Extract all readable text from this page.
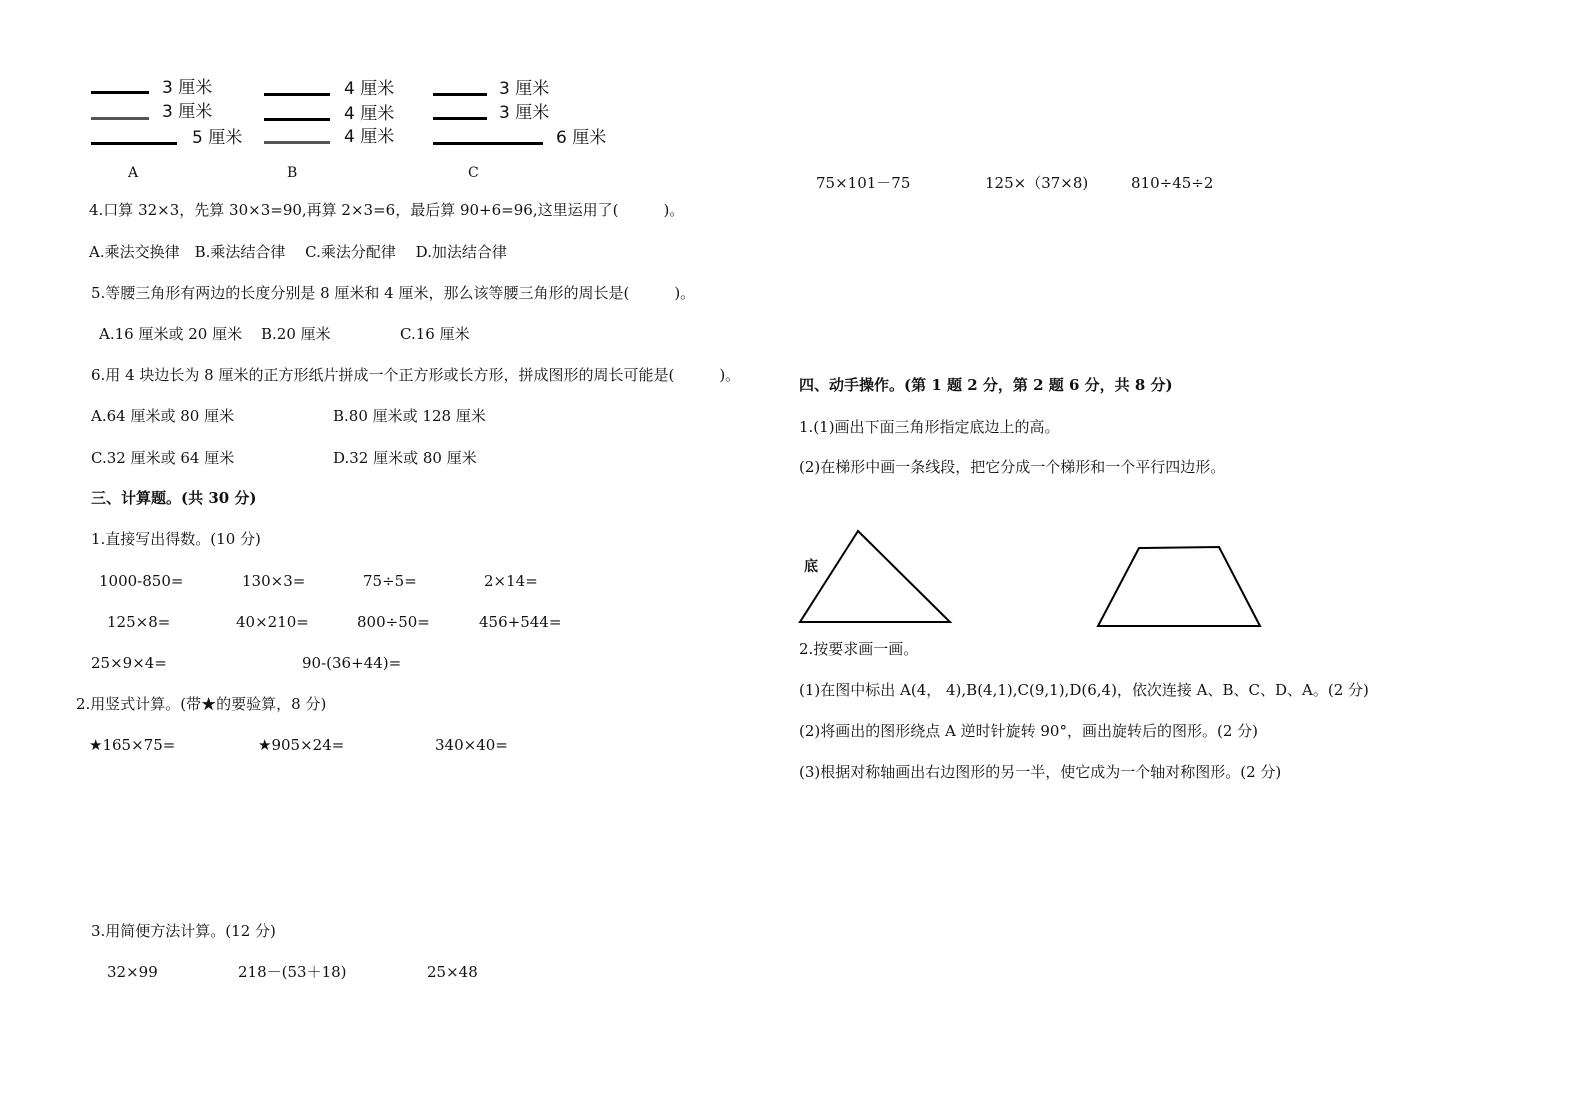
3 厘米
3 厘米
5 厘米
A
4 厘米
4 厘米
4 厘米
B
3 厘米
3 厘米
6 厘米
C
4.口算 32×3，先算 30×3=90,再算 2×3=6，最后算 90+6=96,这里运用了(　　　)。
A.乘法交换律　B.乘法结合律　 C.乘法分配律　 D.加法结合律
5.等腰三角形有两边的长度分别是 8 厘米和 4 厘米，那么该等腰三角形的周长是(　　　)。
A.16 厘米或 20 厘米 B.20 厘米	C.16 厘米
6.用 4 块边长为 8 厘米的正方形纸片拼成一个正方形或长方形，拼成图形的周长可能是(　　　)。
A.64 厘米或 80 厘米	B.80 厘米或 128 厘米
C.32 厘米或 64 厘米	D.32 厘米或 80 厘米
三、计算题。(共 30 分)
1.直接写出得数。(10 分)
1000-850=	130×3=	75÷5=	2×14=
125×8=	40×210=	800÷50=	456+544=
25×9×4=	90-(36+44)=
2.用竖式计算。(带★的要验算，8 分)
★165×75=	★905×24=	340×40=
3.用简便方法计算。(12 分)
32×99	218－(53＋18)	25×48
75×101－75	125×（37×8)	810÷45÷2
四、动手操作。(第 1 题 2 分，第 2 题 6 分，共 8 分)
1.(1)画出下面三角形指定底边上的高。
(2)在梯形中画一条线段，把它分成一个梯形和一个平行四边形。
底
2.按要求画一画。
(1)在图中标出 A(4， 4),B(4,1),C(9,1),D(6,4)，依次连接 A、B、C、D、A。(2 分)
(2)将画出的图形绕点 A 逆时针旋转 90°，画出旋转后的图形。(2 分)
(3)根据对称轴画出右边图形的另一半，使它成为一个轴对称图形。(2 分)
